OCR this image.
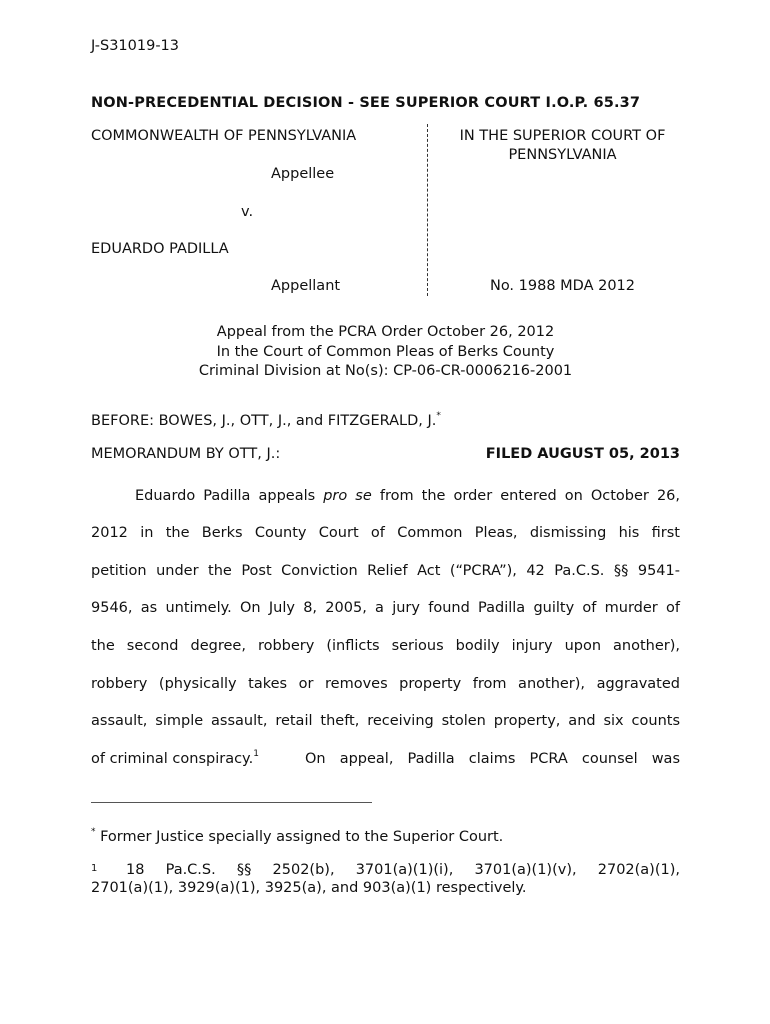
J-S31019-13
NON-PRECEDENTIAL DECISION - SEE SUPERIOR COURT I.O.P. 65.37
COMMONWEALTH OF PENNSYLVANIA
Appellee
v.
EDUARDO PADILLA
Appellant
IN THE SUPERIOR COURT OF
PENNSYLVANIA
No. 1988 MDA 2012
Appeal from the PCRA Order October 26, 2012
In the Court of Common Pleas of Berks County
Criminal Division at No(s): CP-06-CR-0006216-2001
BEFORE: BOWES, J., OTT, J., and FITZGERALD, J.*
MEMORANDUM BY OTT, J.:	FILED AUGUST 05, 2013
Eduardo Padilla appeals pro se from the order entered on October 26,
2012 in the Berks County Court of Common Pleas, dismissing his first
petition under the Post Conviction Relief Act (“PCRA”), 42 Pa.C.S. §§ 9541-
9546, as untimely. On July 8, 2005, a jury found Padilla guilty of murder of
the second degree, robbery (inflicts serious bodily injury upon another),
robbery (physically takes or removes property from another), aggravated
assault, simple assault, retail theft, receiving stolen property, and six counts
of criminal conspiracy.$^1$	On appeal, Padilla claims PCRA counsel was
* Former Justice specially assigned to the Superior Court.
$^1$	18 Pa.C.S. §§ 2502(b), 3701(a)(1)(i), 3701(a)(1)(v), 2702(a)(1),
2701(a)(1), 3929(a)(1), 3925(a), and 903(a)(1) respectively.
